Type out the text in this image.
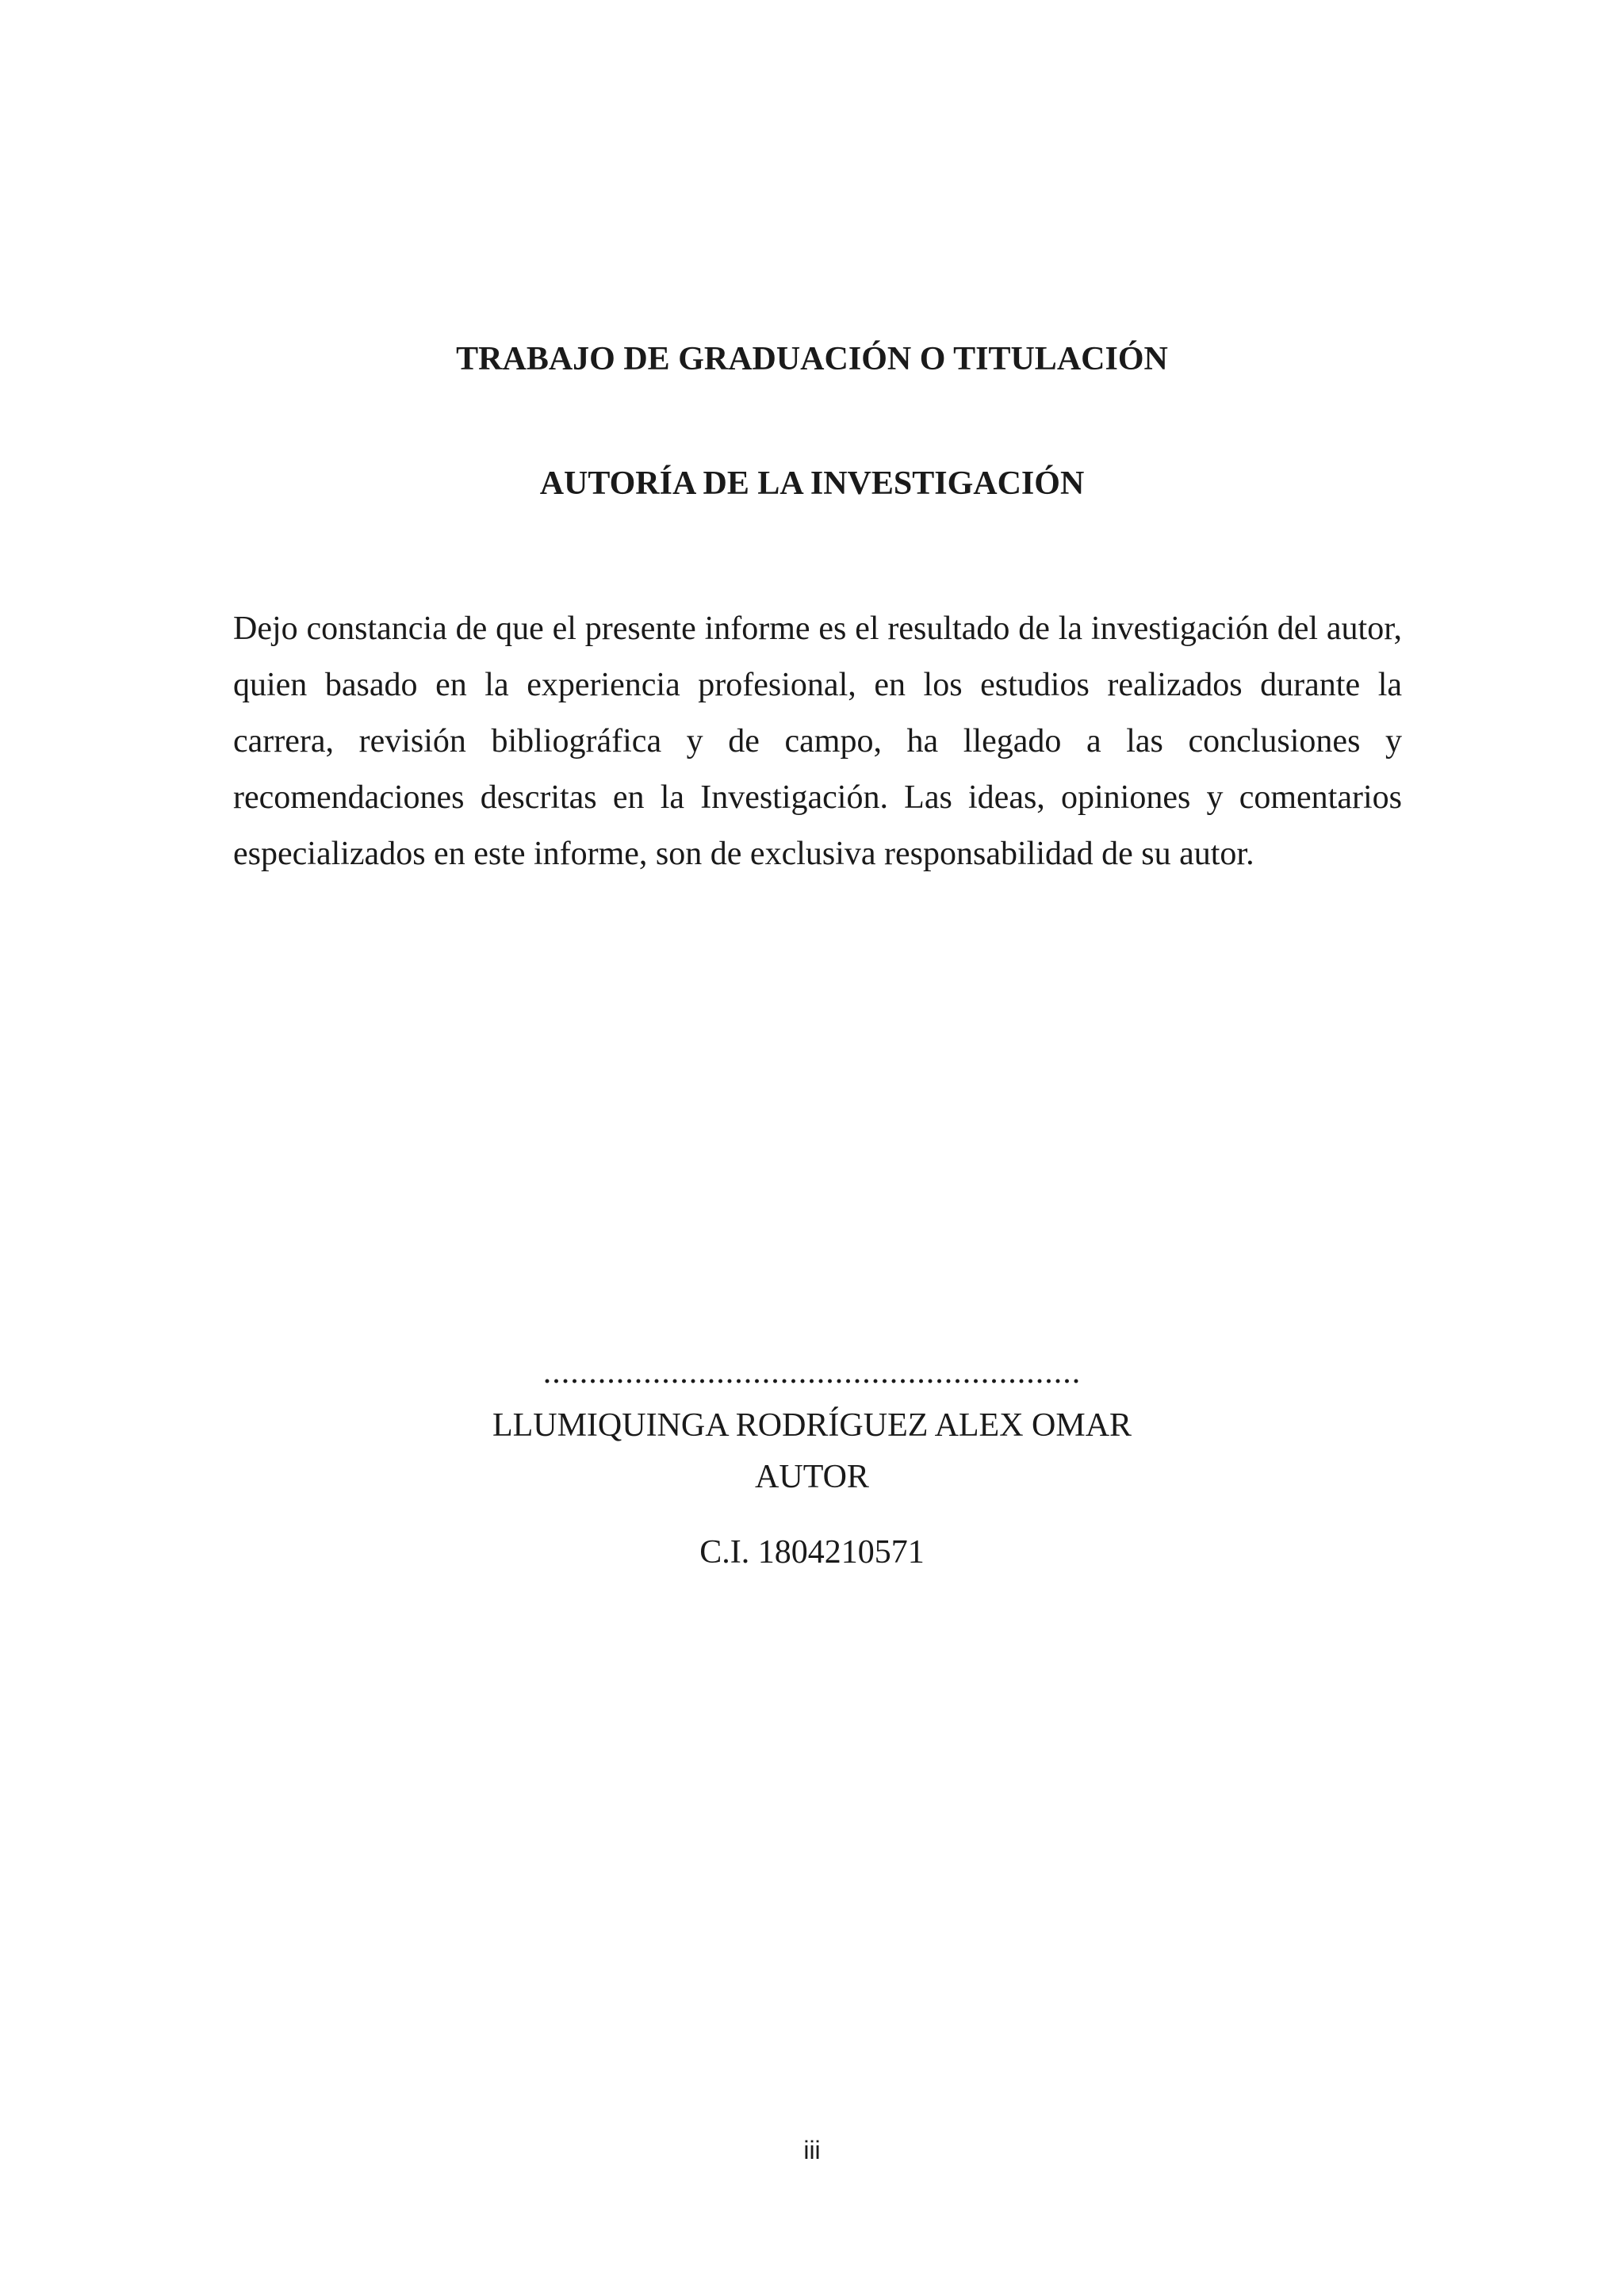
TRABAJO DE GRADUACIÓN O TITULACIÓN
AUTORÍA DE LA INVESTIGACIÓN

Dejo constancia de que el presente informe es el resultado de la investigación del autor, quien basado en la experiencia profesional, en los estudios realizados durante la carrera, revisión bibliográfica y de campo, ha llegado a las conclusiones y recomendaciones descritas en la Investigación. Las ideas, opiniones y comentarios especializados en este informe, son de exclusiva responsabilidad de su autor.

...........................................................

LLUMIQUINGA RODRÍGUEZ ALEX OMAR

AUTOR

C.I. 1804210571

iii
